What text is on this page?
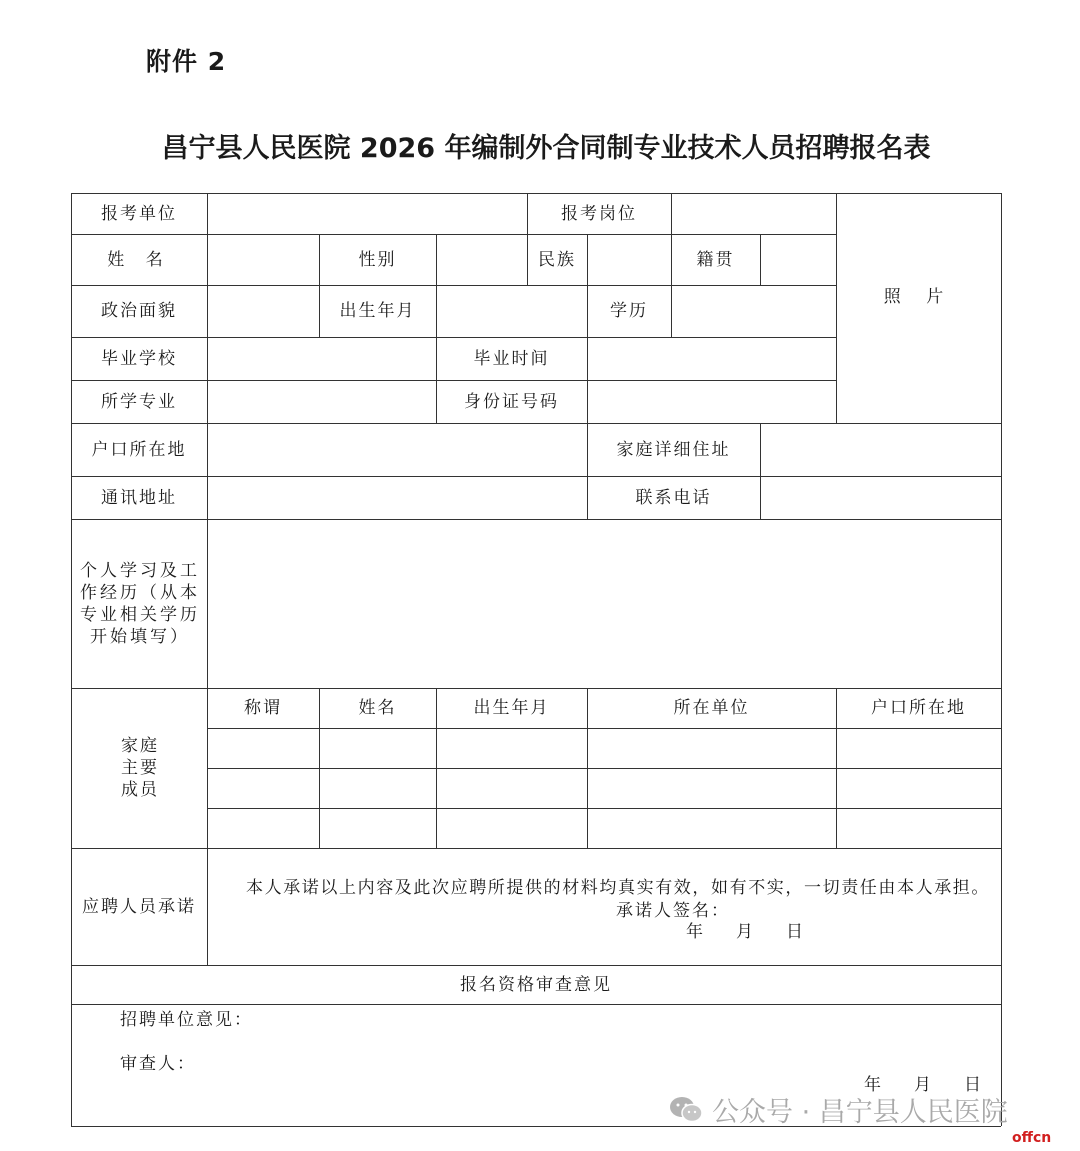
附件 2
昌宁县人民医院 2026 年编制外合同制专业技术人员招聘报名表
报考单位	报考岗位
照 片
姓 名	性别	民族	籍贯
政治面貌	出生年月	学历
毕业学校	毕业时间
所学专业	身份证号码
户口所在地	家庭详细住址
通讯地址	联系电话
个人学习及工作经历（从本专业相关学历开始填写）
家庭主要成员
称谓	姓名	出生年月	所在单位	户口所在地
应聘人员承诺
本人承诺以上内容及此次应聘所提供的材料均真实有效，如有不实，一切责任由本人承担。
承诺人签名：
年　月　日
报名资格审查意见
招聘单位意见：
审查人：
年　月　日
公众号 · 昌宁县人民医院
offcn
